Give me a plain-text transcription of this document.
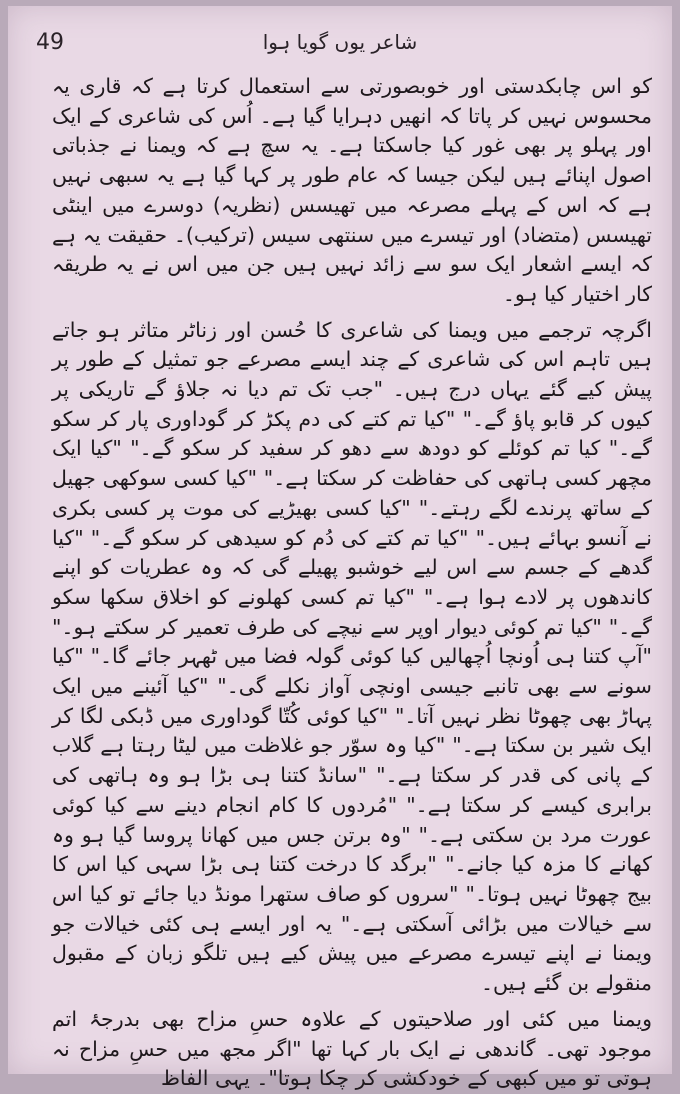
49	شاعر یوں گویا ہوا

کو اس چابکدستی اور خوبصورتی سے استعمال کرتا ہے کہ قاری یہ محسوس نہیں کر پاتا کہ انھیں دہرایا گیا ہے۔ اُس کی شاعری کے ایک اور پہلو پر بھی غور کیا جاسکتا ہے۔ یہ سچ ہے کہ ویمنا نے جذباتی اصول اپنائے ہیں لیکن جیسا کہ عام طور پر کہا گیا ہے یہ سبھی نہیں ہے کہ اس کے پہلے مصرعہ میں تھیسس (نظریہ) دوسرے میں اینٹی تھیسس (متضاد) اور تیسرے میں سنتھی سیس (ترکیب)۔ حقیقت یہ ہے کہ ایسے اشعار ایک سو سے زائد نہیں ہیں جن میں اس نے یہ طریقہ کار اختیار کیا ہو۔

اگرچہ ترجمے میں ویمنا کی شاعری کا حُسن اور زناٹر متاثر ہو جاتے ہیں تاہم اس کی شاعری کے چند ایسے مصرعے جو تمثیل کے طور پر پیش کیے گئے یہاں درج ہیں۔ "جب تک تم دیا نہ جلاؤ گے تاریکی پر کیوں کر قابو پاؤ گے۔" "کیا تم کتے کی دم پکڑ کر گوداوری پار کر سکو گے۔" کیا تم کوئلے کو دودھ سے دھو کر سفید کر سکو گے۔" "کیا ایک مچھر کسی ہاتھی کی حفاظت کر سکتا ہے۔" "کیا کسی سوکھی جھیل کے ساتھ پرندے لگے رہتے۔" "کیا کسی بھیڑیے کی موت پر کسی بکری نے آنسو بہائے ہیں۔" "کیا تم کتے کی دُم کو سیدھی کر سکو گے۔" "کیا گدھے کے جسم سے اس لیے خوشبو پھیلے گی کہ وہ عطریات کو اپنے کاندھوں پر لادے ہوا ہے۔" "کیا تم کسی کھلونے کو اخلاق سکھا سکو گے۔" "کیا تم کوئی دیوار اوپر سے نیچے کی طرف تعمیر کر سکتے ہو۔" "آپ کتنا ہی اُونچا اُچھالیں کیا کوئی گولہ فضا میں ٹھہر جائے گا۔" "کیا سونے سے بھی تانبے جیسی اونچی آواز نکلے گی۔" "کیا آئینے میں ایک پہاڑ بھی چھوٹا نظر نہیں آتا۔" "کیا کوئی کُتّا گوداوری میں ڈبکی لگا کر ایک شیر بن سکتا ہے۔" "کیا وہ سوّر جو غلاظت میں لیٹا رہتا ہے گلاب کے پانی کی قدر کر سکتا ہے۔" "سانڈ کتنا ہی بڑا ہو وہ ہاتھی کی برابری کیسے کر سکتا ہے۔" "مُردوں کا کام انجام دینے سے کیا کوئی عورت مرد بن سکتی ہے۔" "وہ برتن جس میں کھانا پروسا گیا ہو وہ کھانے کا مزہ کیا جانے۔" "برگد کا درخت کتنا ہی بڑا سہی کیا اس کا بیج چھوٹا نہیں ہوتا۔" "سروں کو صاف ستھرا مونڈ دیا جائے تو کیا اس سے خیالات میں بڑائی آسکتی ہے۔" یہ اور ایسے ہی کئی خیالات جو ویمنا نے اپنے تیسرے مصرعے میں پیش کیے ہیں تلگو زبان کے مقبول منقولے بن گئے ہیں۔

ویمنا میں کئی اور صلاحیتوں کے علاوہ حسِ مزاح بھی بدرجۂ اتم موجود تھی۔ گاندھی نے ایک بار کہا تھا "اگر مجھ میں حسِ مزاح نہ ہوتی تو میں کبھی کے خودکشی کر چکا ہوتا"۔ یہی الفاظ
